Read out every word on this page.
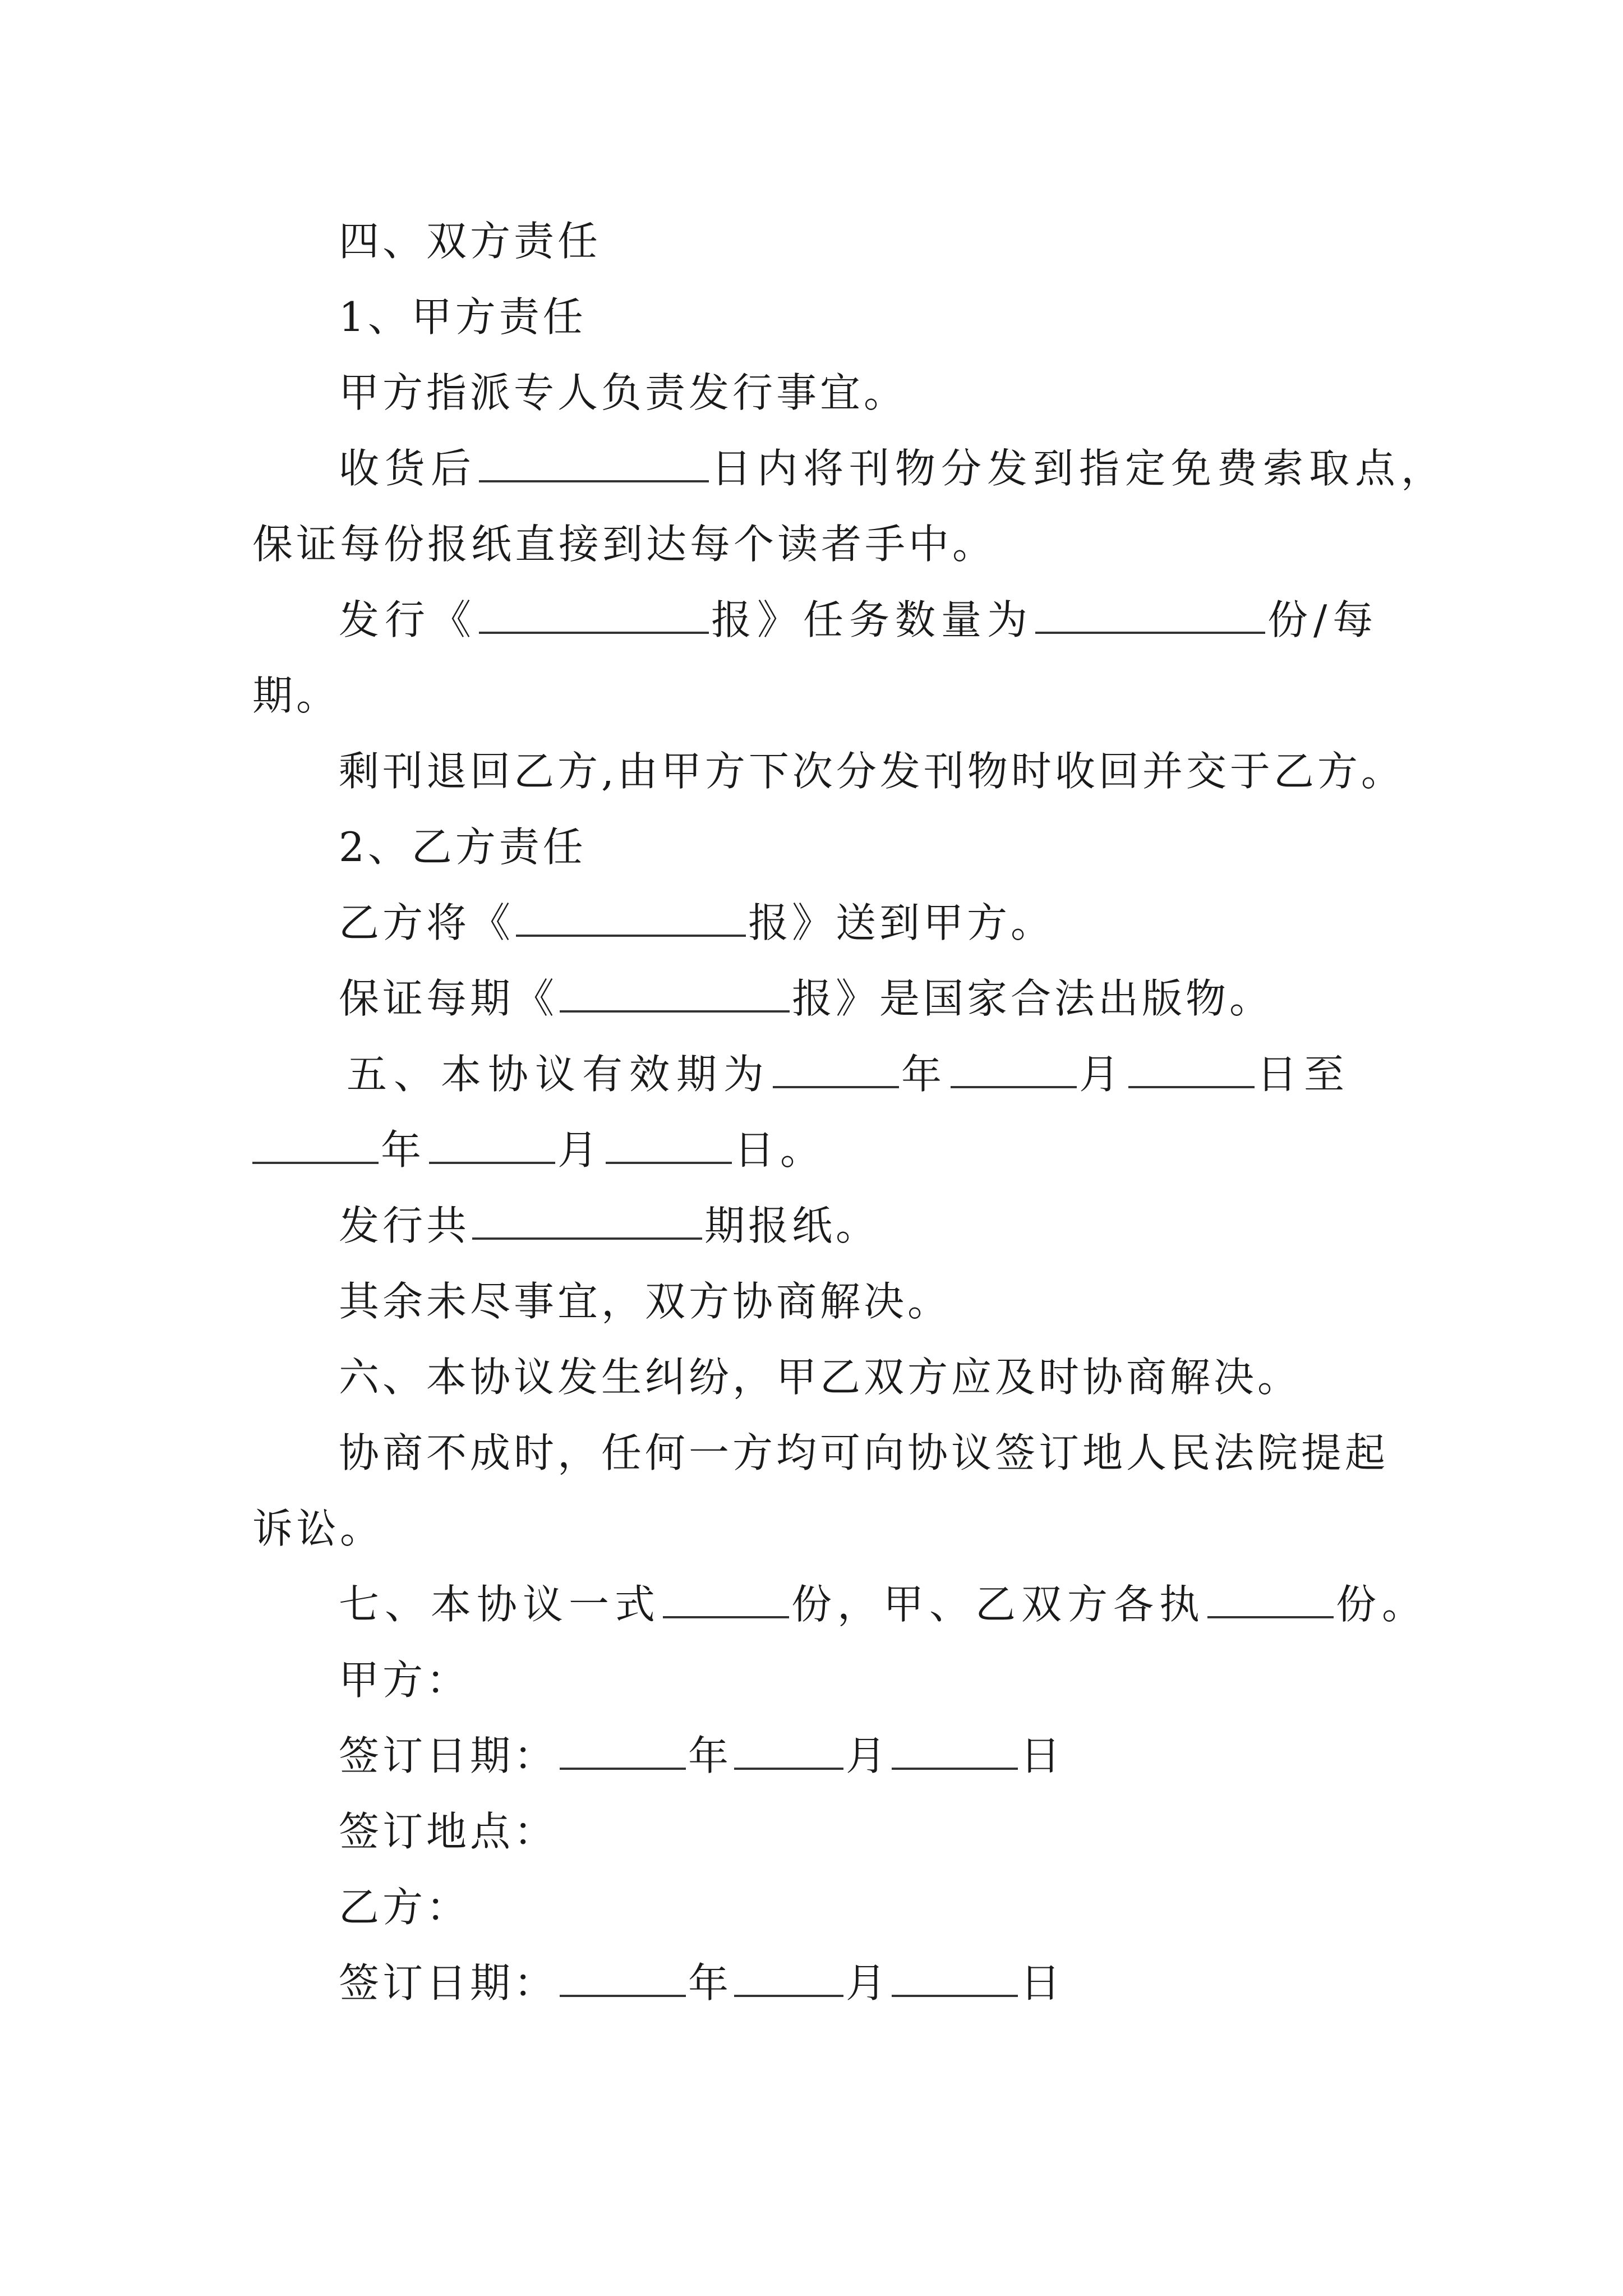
四、双方责任
1、甲方责任
甲方指派专人负责发行事宜。
收货后	日内将刊物分发到指定免费索取点，
保证每份报纸直接到达每个读者手中。
发行《	报》任务数量为	份/每
期。
剩刊退回乙方,由甲方下次分发刊物时收回并交于乙方。
2、乙方责任
乙方将《	报》送到甲方。
保证每期《	报》是国家合法出版物。
五、本协议有效期为	年	月	日至
年	月	日。
发行共	期报纸。
其余未尽事宜，双方协商解决。
六、本协议发生纠纷，甲乙双方应及时协商解决。
协商不成时，任何一方均可向协议签订地人民法院提起
诉讼。
七、本协议一式	份，甲、乙双方各执	份。
甲方：
签订日期：	年	月	日
签订地点：
乙方：
签订日期：	年	月	日
